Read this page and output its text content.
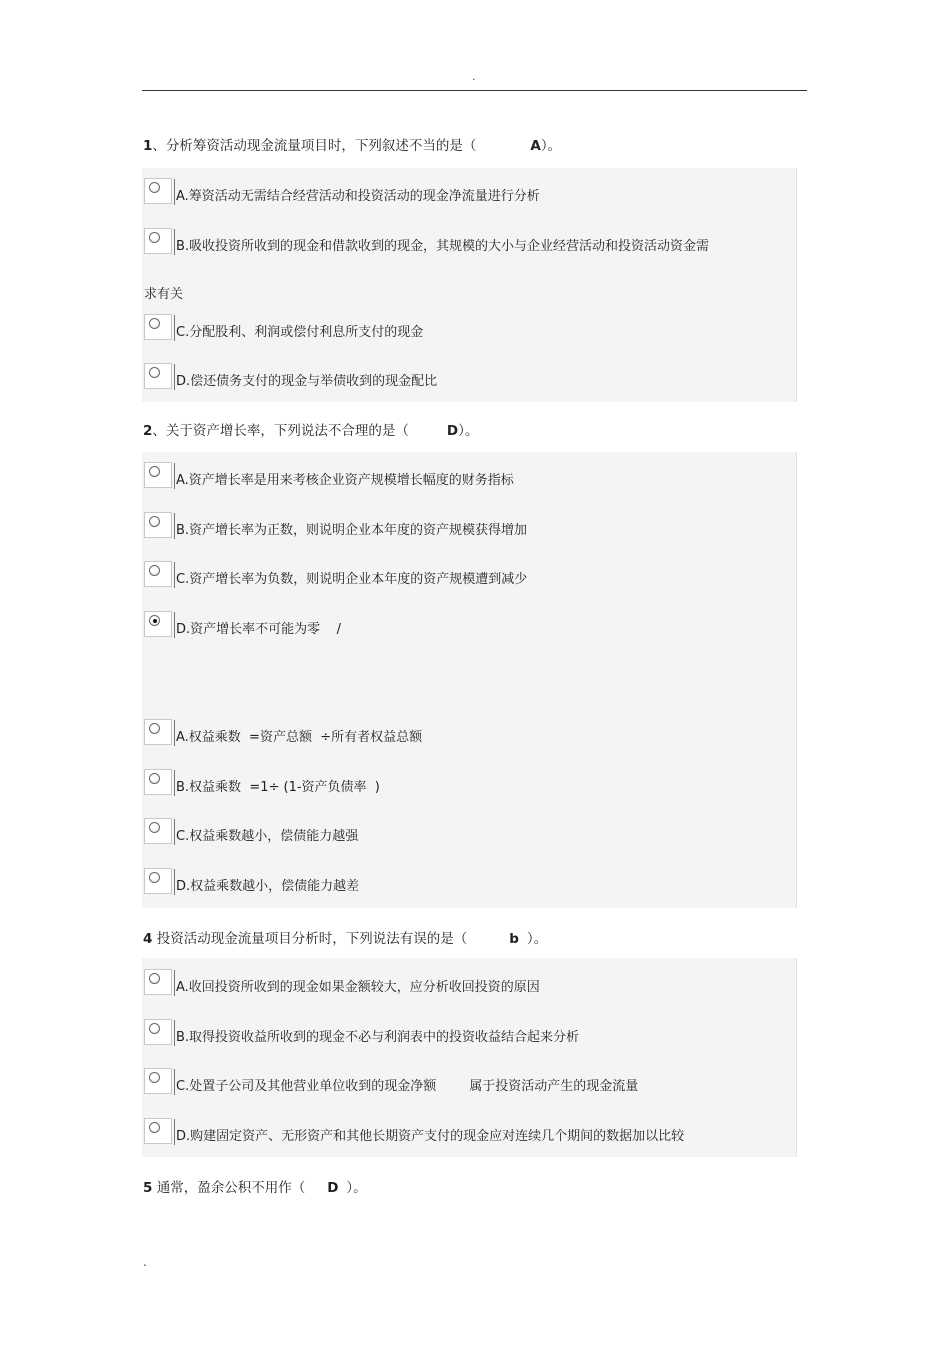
.
1、分析筹资活动现金流量项目时，下列叙述不当的是（	A）。
A.筹资活动无需结合经营活动和投资活动的现金净流量进行分析
B.吸收投资所收到的现金和借款收到的现金，其规模的大小与企业经营活动和投资活动资金需
求有关
C.分配股利、利润或偿付利息所支付的现金
D.偿还债务支付的现金与举债收到的现金配比
2、关于资产增长率，下列说法不合理的是（	D）。
A.资产增长率是用来考核企业资产规模增长幅度的财务指标
B.资产增长率为正数，则说明企业本年度的资产规模获得增加
C.资产增长率为负数，则说明企业本年度的资产规模遭到减少
D.资产增长率不可能为零    /
A.权益乘数  =资产总额  ÷所有者权益总额
B.权益乘数  =1÷ (1-资产负债率  )
C.权益乘数越小，偿债能力越强
D.权益乘数越小，偿债能力越差
4 投资活动现金流量项目分析时，下列说法有误的是（	b ）。
A.收回投资所收到的现金如果金额较大，应分析收回投资的原因
B.取得投资收益所收到的现金不必与利润表中的投资收益结合起来分析
C.处置子公司及其他营业单位收到的现金净额        属于投资活动产生的现金流量
D.购建固定资产、无形资产和其他长期资产支付的现金应对连续几个期间的数据加以比较
5 通常，盈余公积不用作（ D ）。
.
